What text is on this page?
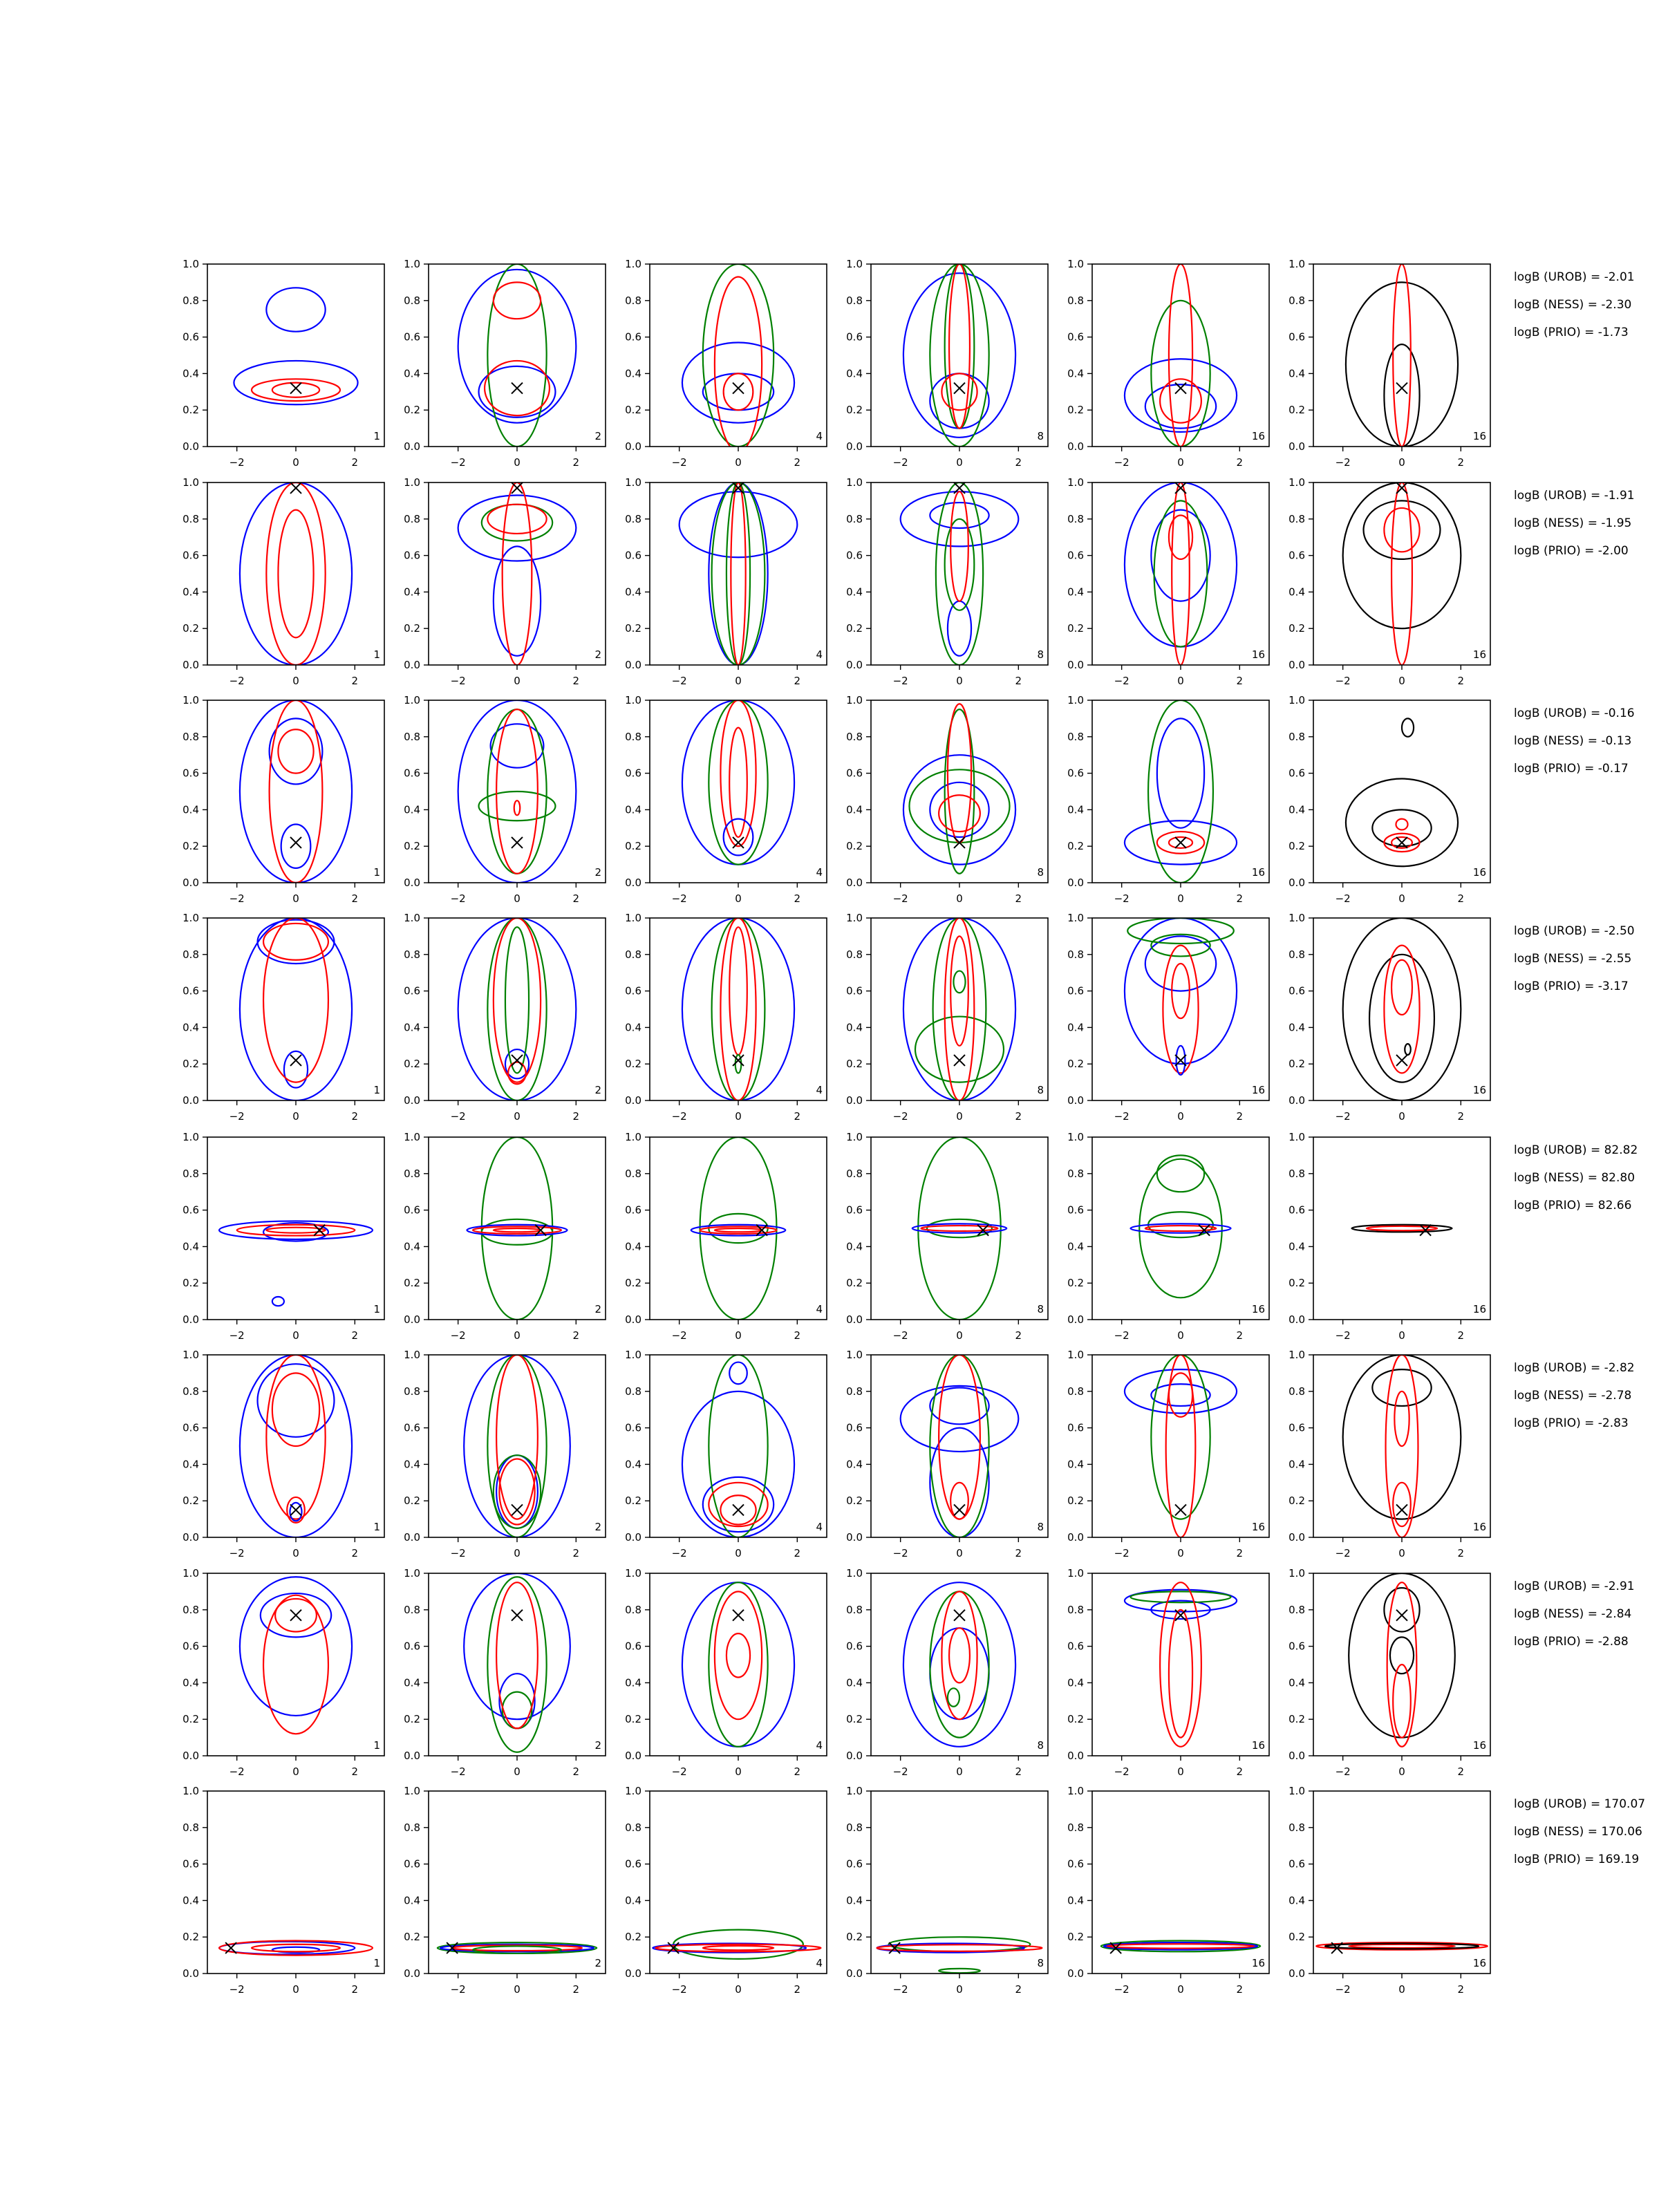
−2	0	2
0.0
0.2
0.4
0.6
0.8
1.0
1
−2	0	2
0.0
0.2
0.4
0.6
0.8
1.0
2
−2	0	2
0.0
0.2
0.4
0.6
0.8
1.0
4
−2	0	2
0.0
0.2
0.4
0.6
0.8
1.0
8
−2	0	2
0.0
0.2
0.4
0.6
0.8
1.0
16
−2	0	2
0.0
0.2
0.4
0.6
0.8
1.0
16
logB (UROB) = -2.01
logB (NESS) = -2.30
logB (PRIO) = -1.73
−2	0	2
0.0
0.2
0.4
0.6
0.8
1.0
1
−2	0	2
0.0
0.2
0.4
0.6
0.8
1.0
2
−2	0	2
0.0
0.2
0.4
0.6
0.8
1.0
4
−2	0	2
0.0
0.2
0.4
0.6
0.8
1.0
8
−2	0	2
0.0
0.2
0.4
0.6
0.8
1.0
16
−2	0	2
0.0
0.2
0.4
0.6
0.8
1.0
16
logB (UROB) = -1.91
logB (NESS) = -1.95
logB (PRIO) = -2.00
−2	0	2
0.0
0.2
0.4
0.6
0.8
1.0
1
−2	0	2
0.0
0.2
0.4
0.6
0.8
1.0
2
−2	0	2
0.0
0.2
0.4
0.6
0.8
1.0
4
−2	0	2
0.0
0.2
0.4
0.6
0.8
1.0
8
−2	0	2
0.0
0.2
0.4
0.6
0.8
1.0
16
−2	0	2
0.0
0.2
0.4
0.6
0.8
1.0
16
logB (UROB) = -0.16
logB (NESS) = -0.13
logB (PRIO) = -0.17
−2	0	2
0.0
0.2
0.4
0.6
0.8
1.0
1
−2	0	2
0.0
0.2
0.4
0.6
0.8
1.0
2
−2	0	2
0.0
0.2
0.4
0.6
0.8
1.0
4
−2	0	2
0.0
0.2
0.4
0.6
0.8
1.0
8
−2	0	2
0.0
0.2
0.4
0.6
0.8
1.0
16
−2	0	2
0.0
0.2
0.4
0.6
0.8
1.0
16
logB (UROB) = -2.50
logB (NESS) = -2.55
logB (PRIO) = -3.17
−2	0	2
0.0
0.2
0.4
0.6
0.8
1.0
1
−2	0	2
0.0
0.2
0.4
0.6
0.8
1.0
2
−2	0	2
0.0
0.2
0.4
0.6
0.8
1.0
4
−2	0	2
0.0
0.2
0.4
0.6
0.8
1.0
8
−2	0	2
0.0
0.2
0.4
0.6
0.8
1.0
16
−2	0	2
0.0
0.2
0.4
0.6
0.8
1.0
16
logB (UROB) = 82.82
logB (NESS) = 82.80
logB (PRIO) = 82.66
−2	0	2
0.0
0.2
0.4
0.6
0.8
1.0
1
−2	0	2
0.0
0.2
0.4
0.6
0.8
1.0
2
−2	0	2
0.0
0.2
0.4
0.6
0.8
1.0
4
−2	0	2
0.0
0.2
0.4
0.6
0.8
1.0
8
−2	0	2
0.0
0.2
0.4
0.6
0.8
1.0
16
−2	0	2
0.0
0.2
0.4
0.6
0.8
1.0
16
logB (UROB) = -2.82
logB (NESS) = -2.78
logB (PRIO) = -2.83
−2	0	2
0.0
0.2
0.4
0.6
0.8
1.0
1
−2	0	2
0.0
0.2
0.4
0.6
0.8
1.0
2
−2	0	2
0.0
0.2
0.4
0.6
0.8
1.0
4
−2	0	2
0.0
0.2
0.4
0.6
0.8
1.0
8
−2	0	2
0.0
0.2
0.4
0.6
0.8
1.0
16
−2	0	2
0.0
0.2
0.4
0.6
0.8
1.0
16
logB (UROB) = -2.91
logB (NESS) = -2.84
logB (PRIO) = -2.88
−2	0	2
0.0
0.2
0.4
0.6
0.8
1.0
1
−2	0	2
0.0
0.2
0.4
0.6
0.8
1.0
2
−2	0	2
0.0
0.2
0.4
0.6
0.8
1.0
4
−2	0	2
0.0
0.2
0.4
0.6
0.8
1.0
8
−2	0	2
0.0
0.2
0.4
0.6
0.8
1.0
16
−2	0	2
0.0
0.2
0.4
0.6
0.8
1.0
16
logB (UROB) = 170.07
logB (NESS) = 170.06
logB (PRIO) = 169.19
